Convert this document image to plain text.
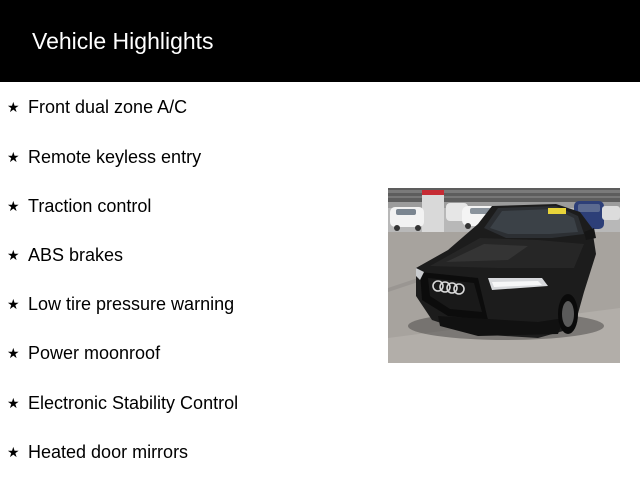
Vehicle Highlights
★ Front dual zone A/C
★ Remote keyless entry
★ Traction control
★ ABS brakes
★ Low tire pressure warning
★ Power moonroof
★ Electronic Stability Control
★ Heated door mirrors
